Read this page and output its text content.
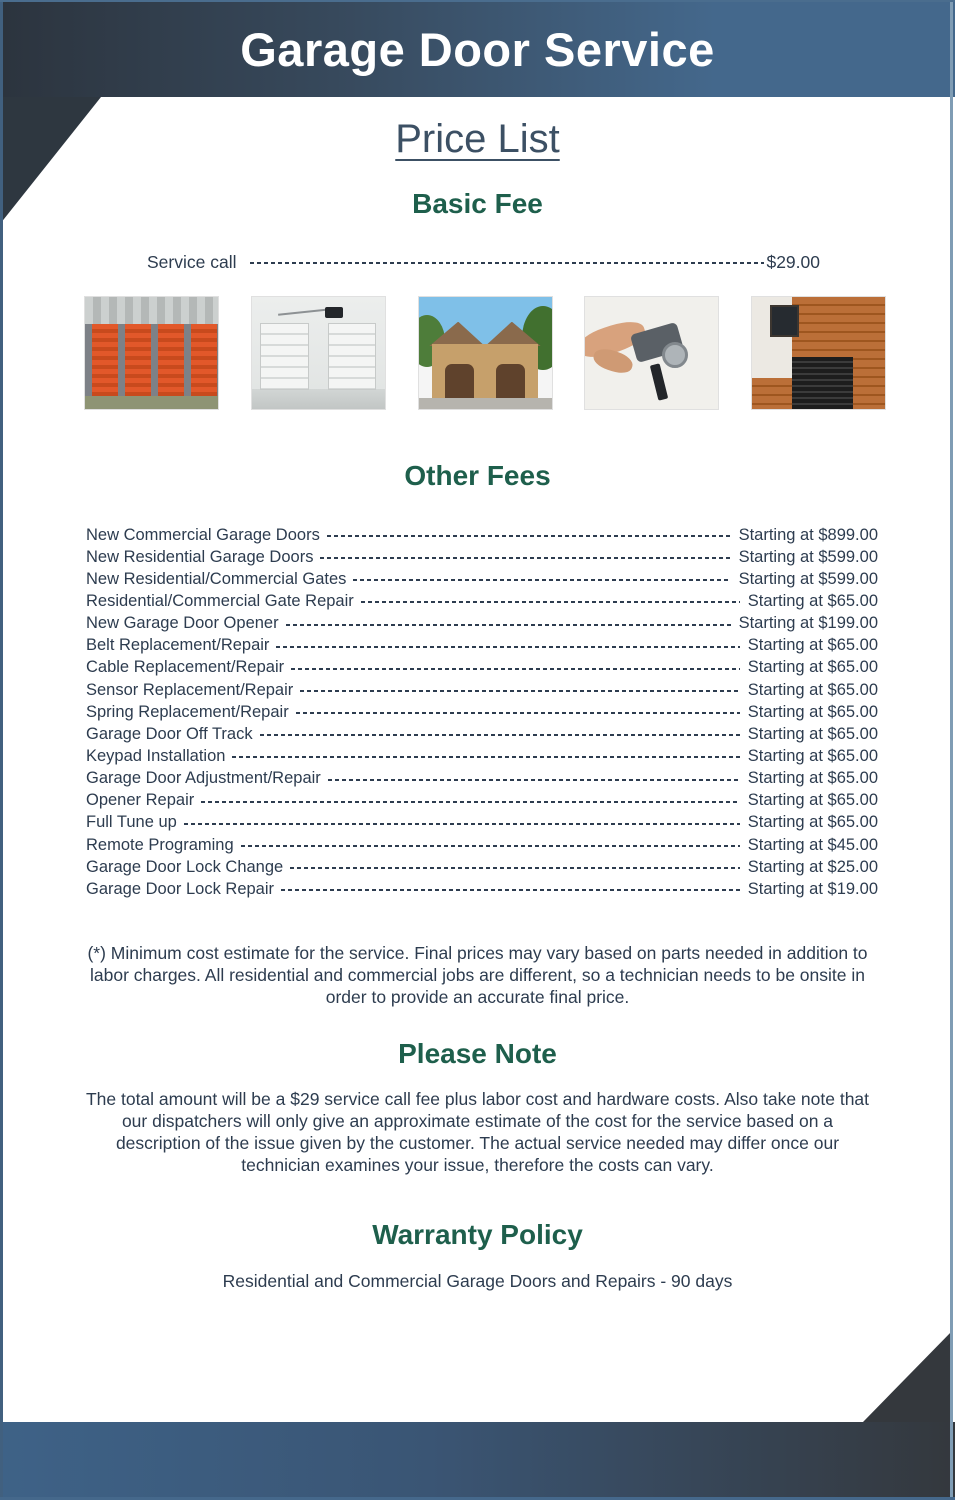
Garage Door Service
Price List
Basic Fee
Service call	$29.00
Other Fees
New Commercial Garage Doors	Starting at $899.00
New Residential Garage Doors	Starting at $599.00
New Residential/Commercial Gates	Starting at $599.00
Residential/Commercial Gate Repair	Starting at $65.00
New Garage Door Opener	Starting at $199.00
Belt Replacement/Repair	Starting at $65.00
Cable Replacement/Repair	Starting at $65.00
Sensor Replacement/Repair	Starting at $65.00
Spring Replacement/Repair	Starting at $65.00
Garage Door Off Track	Starting at $65.00
Keypad Installation	Starting at $65.00
Garage Door Adjustment/Repair	Starting at $65.00
Opener Repair	Starting at $65.00
Full Tune up	Starting at $65.00
Remote Programing	Starting at $45.00
Garage Door Lock Change	Starting at $25.00
Garage Door Lock Repair	Starting at $19.00

(*) Minimum cost estimate for the service. Final prices may vary based on parts needed in addition to labor charges. All residential and commercial jobs are different, so a technician needs to be onsite in order to provide an accurate final price.

Please Note

The total amount will be a $29 service call fee plus labor cost and hardware costs. Also take note that our dispatchers will only give an approximate estimate of the cost for the service based on a description of the issue given by the customer. The actual service needed may differ once our technician examines your issue, therefore the costs can vary.

Warranty Policy

Residential and Commercial Garage Doors and Repairs - 90 days
